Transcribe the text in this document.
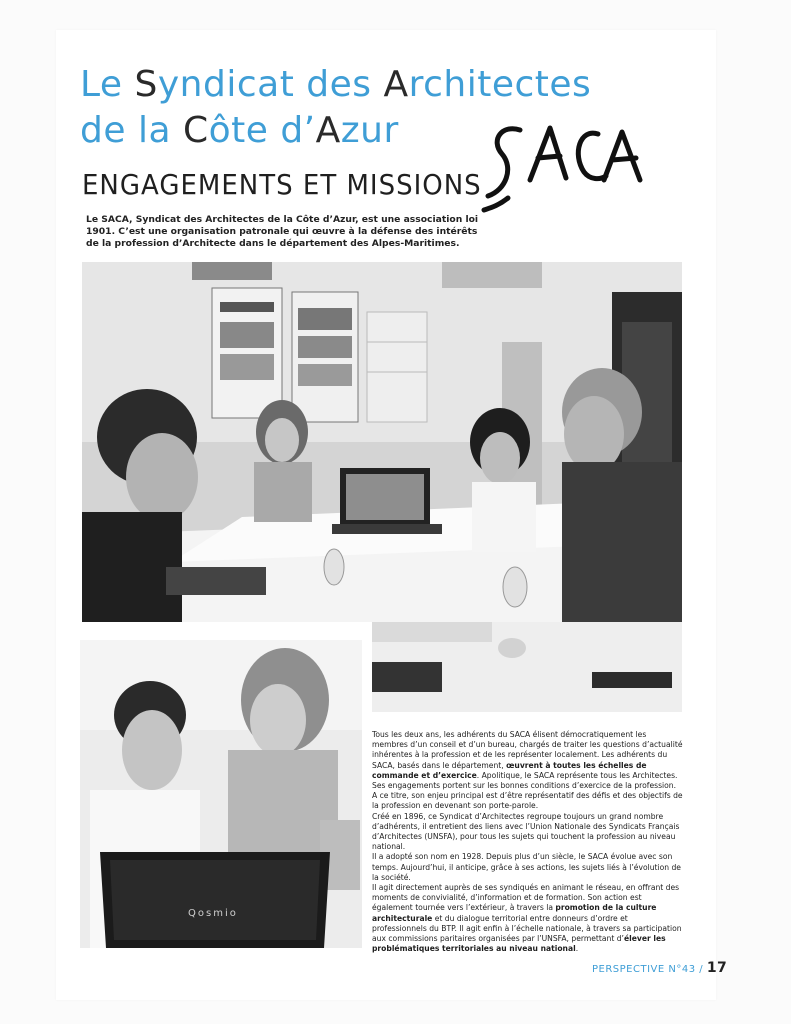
Le Syndicat des Architectes
de la Côte d’Azur
ENGAGEMENTS ET MISSIONS
Le SACA, Syndicat des Architectes de la Côte d’Azur, est une association loi 1901. C’est une organisation patronale qui œuvre à la défense des intérêts de la profession d’Architecte dans le département des Alpes-Maritimes.
Qosmio

Tous les deux ans, les adhérents du SACA élisent démocratiquement les membres d’un conseil et d’un bureau, chargés de traiter les questions d’actualité inhérentes à la profession et de les représenter localement. Les adhérents du SACA, basés dans le département, œuvrent à toutes les échelles de commande et d’exercice. Apolitique, le SACA représente tous les Architectes. Ses engagements portent sur les bonnes conditions d’exercice de la profession.

A ce titre, son enjeu principal est d’être représentatif des défis et des objectifs de la profession en devenant son porte-parole.

Créé en 1896, ce Syndicat d’Architectes regroupe toujours un grand nombre d’adhérents, il entretient des liens avec l’Union Nationale des Syndicats Français d’Architectes (UNSFA), pour tous les sujets qui touchent la profession au niveau national.

Il a adopté son nom en 1928. Depuis plus d’un siècle, le SACA évolue avec son temps. Aujourd’hui, il anticipe, grâce à ses actions, les sujets liés à l’évolution de la société.

Il agit directement auprès de ses syndiqués en animant le réseau, en offrant des moments de convivialité, d’information et de formation. Son action est également tournée vers l’extérieur, à travers la promotion de la culture architecturale et du dialogue territorial entre donneurs d’ordre et professionnels du BTP. Il agit enfin à l’échelle nationale, à travers sa participation aux commissions paritaires organisées par l’UNSFA, permettant d’élever les problématiques territoriales au niveau national.

PERSPECTIVE N°43 / 17
